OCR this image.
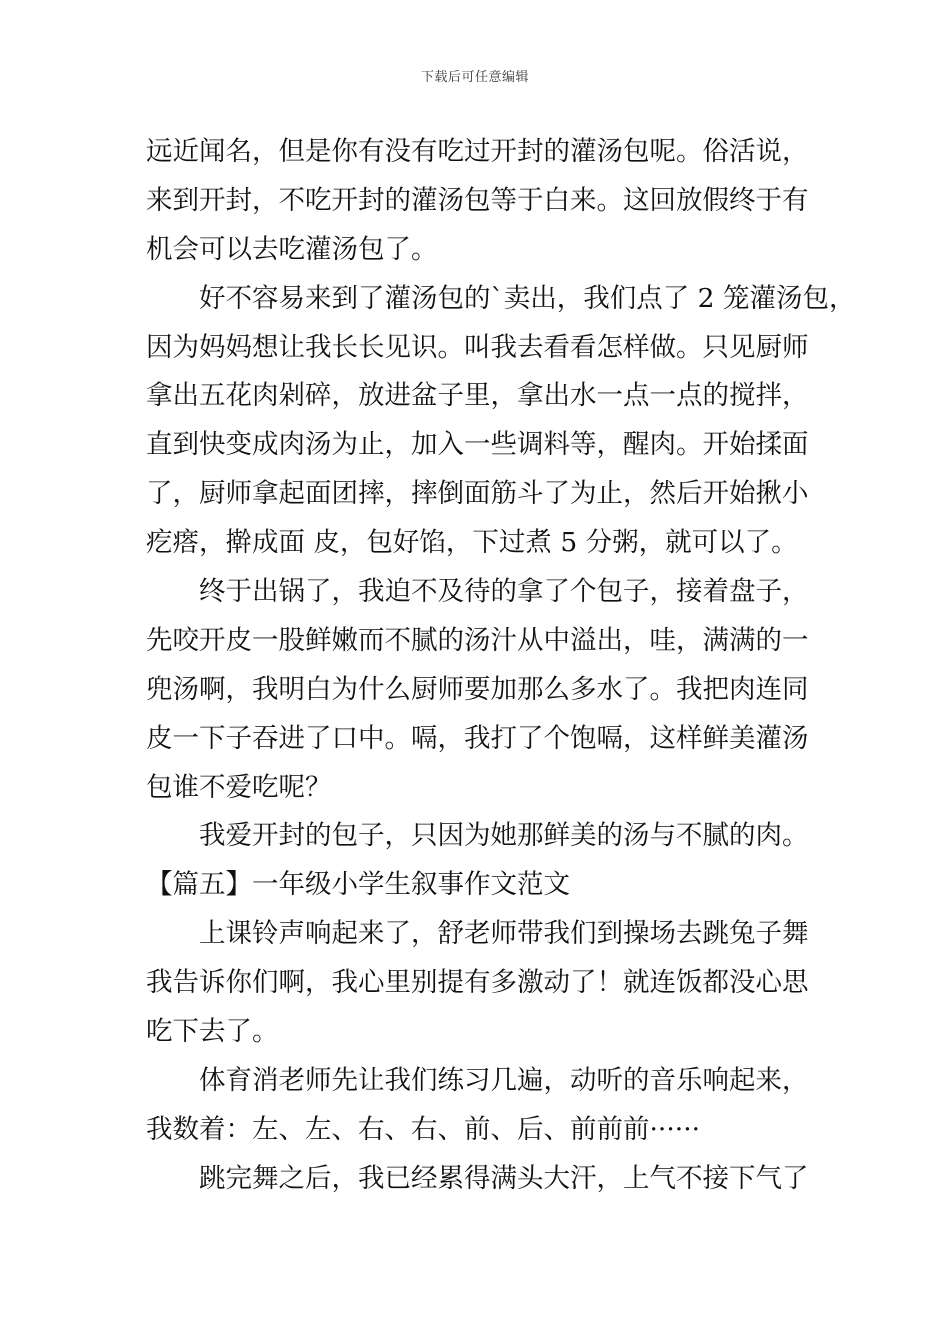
下载后可任意编辑
远近闻名，但是你有没有吃过开封的灌汤包呢。俗活说，
来到开封，不吃开封的灌汤包等于白来。这回放假终于有
机会可以去吃灌汤包了。
好不容易来到了灌汤包的`卖出，我们点了 2 笼灌汤包，
因为妈妈想让我长长见识。叫我去看看怎样做。只见厨师
拿出五花肉剁碎，放进盆子里，拿出水一点一点的搅拌，
直到快变成肉汤为止，加入一些调料等，醒肉。开始揉面
了，厨师拿起面团摔，摔倒面筋斗了为止，然后开始揪小
疙瘩，擀成面 皮，包好馅，下过煮 5 分粥，就可以了。
终于出锅了，我迫不及待的拿了个包子，接着盘子，
先咬开皮一股鲜嫩而不腻的汤汁从中溢出，哇，满满的一
兜汤啊，我明白为什么厨师要加那么多水了。我把肉连同
皮一下子吞进了口中。嗝，我打了个饱嗝，这样鲜美灌汤
包谁不爱吃呢？
我爱开封的包子，只因为她那鲜美的汤与不腻的肉。
【篇五】一年级小学生叙事作文范文
上课铃声响起来了，舒老师带我们到操场去跳兔子舞
我告诉你们啊，我心里别提有多激动了！就连饭都没心思
吃下去了。
体育消老师先让我们练习几遍，动听的音乐响起来，
我数着：左、左、右、右、前、后、前前前······
跳完舞之后，我已经累得满头大汗，上气不接下气了
